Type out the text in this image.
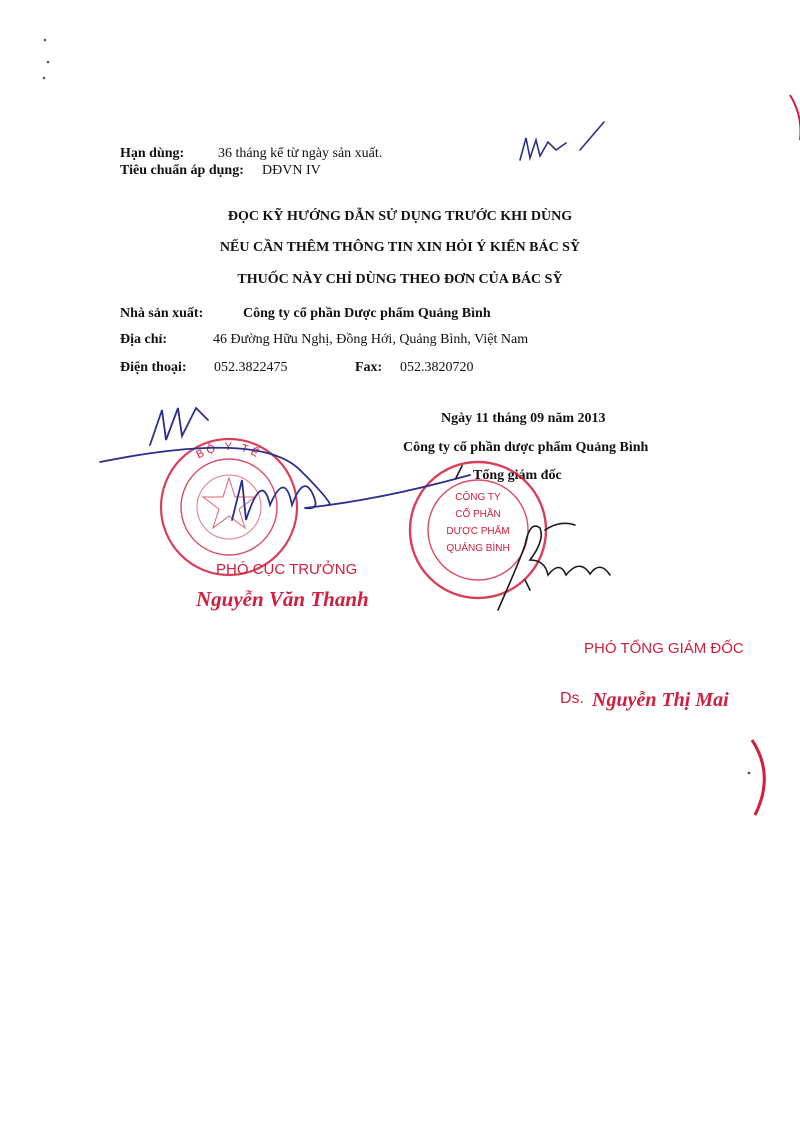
Hạn dùng: 36 tháng kể từ ngày sản xuất.
Tiêu chuẩn áp dụng: DĐVN IV
ĐỌC KỸ HƯỚNG DẪN SỬ DỤNG TRƯỚC KHI DÙNG
NẾU CẦN THÊM THÔNG TIN XIN HỎI Ý KIẾN BÁC SỸ
THUỐC NÀY CHỈ DÙNG THEO ĐƠN CỦA BÁC SỸ
Nhà sản xuất:	Công ty cổ phần Dược phẩm Quảng Bình
Địa chỉ:	46 Đường Hữu Nghị, Đồng Hới, Quảng Bình, Việt Nam
Điện thoại: 052.3822475	Fax: 052.3820720
Ngày 11 tháng 09 năm 2013
Công ty cổ phần dược phẩm Quảng Bình
Tổng giám đốc
BỘ Y TẾ
CÔNG TY
CỔ PHẦN
DƯỢC PHẨM
QUẢNG BÌNH
PHÓ CỤC TRƯỞNG
Nguyễn Văn Thanh
PHÓ TỔNG GIÁM ĐỐC
Ds. Nguyễn Thị Mai
